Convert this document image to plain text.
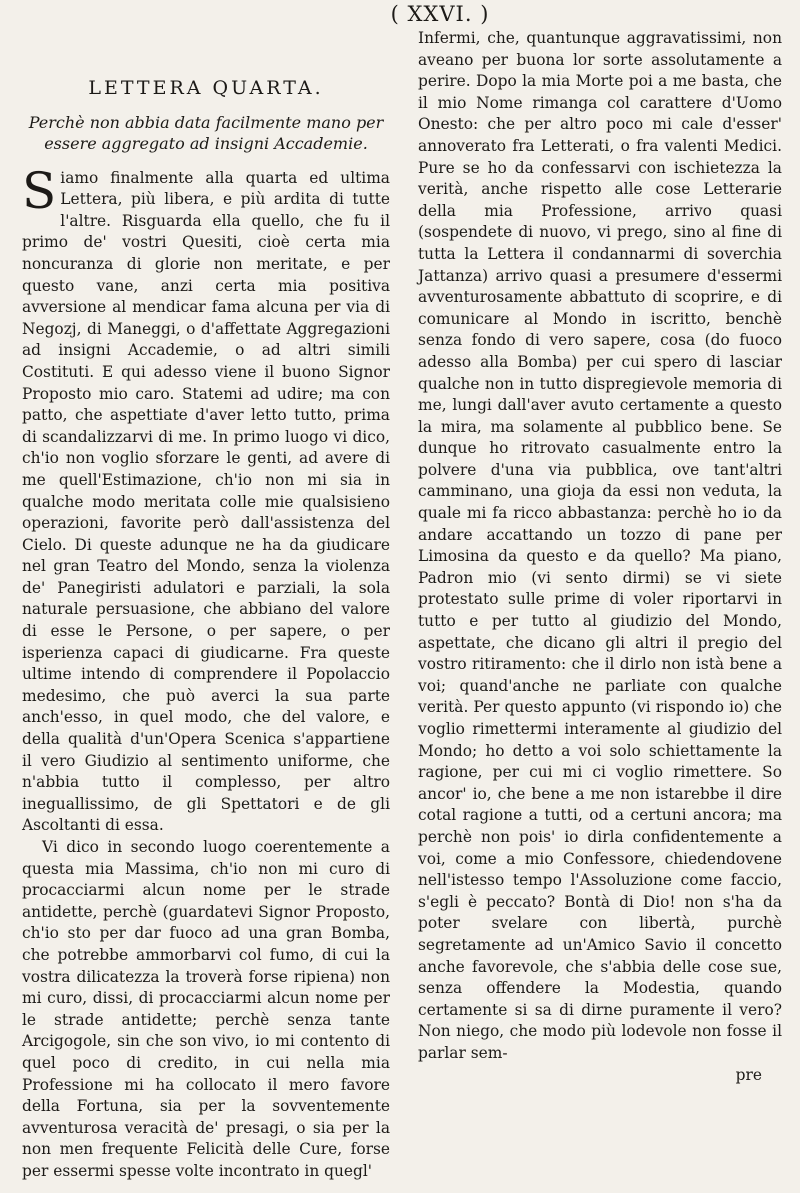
( XXVI. )
LETTERA QUARTA.

Perchè non abbia data facilmente mano per essere aggregato ad insigni Accademie.

Siamo finalmente alla quarta ed ultima Lettera, più libera, e più ardita di tutte l'altre. Risguarda ella quello, che fu il primo de' vostri Quesiti, cioè certa mia noncuranza di glorie non meritate, e per questo vane, anzi certa mia positiva avversione al mendicar fama alcuna per via di Negozj, di Maneggi, o d'affettate Aggregazioni ad insigni Accademie, o ad altri simili Costituti. E qui adesso viene il buono Signor Proposto mio caro. Statemi ad udire; ma con patto, che aspettiate d'aver letto tutto, prima di scandalizzarvi di me. In primo luogo vi dico, ch'io non voglio sforzare le genti, ad avere di me quell'Estimazione, ch'io non mi sia in qualche modo meritata colle mie qualsisieno operazioni, favorite però dall'assistenza del Cielo. Di queste adunque ne ha da giudicare nel gran Teatro del Mondo, senza la violenza de' Panegiristi adulatori e parziali, la sola naturale persuasione, che abbiano del valore di esse le Persone, o per sapere, o per isperienza capaci di giudicarne. Fra queste ultime intendo di comprendere il Popolaccio medesimo, che può averci la sua parte anch'esso, in quel modo, che del valore, e della qualità d'un'Opera Scenica s'appartiene il vero Giudizio al sentimento uniforme, che n'abbia tutto il complesso, per altro ineguallissimo, de gli Spettatori e de gli Ascoltanti di essa.

Vi dico in secondo luogo coerentemente a questa mia Massima, ch'io non mi curo di procacciarmi alcun nome per le strade antidette, perchè (guardatevi Signor Proposto, ch'io sto per dar fuoco ad una gran Bomba, che potrebbe ammorbarvi col fumo, di cui la vostra dilicatezza la troverà forse ripiena) non mi curo, dissi, di procacciarmi alcun nome per le strade antidette; perchè senza tante Arcigogole, sin che son vivo, io mi contento di quel poco di credito, in cui nella mia Professione mi ha collocato il mero favore della Fortuna, sia per la sovventemente avventurosa veracità de' presagi, o sia per la non men frequente Felicità delle Cure, forse per essermi spesse volte incontrato in quegl'

Infermi, che, quantunque aggravatissimi, non aveano per buona lor sorte assolutamente a perire. Dopo la mia Morte poi a me basta, che il mio Nome rimanga col carattere d'Uomo Onesto: che per altro poco mi cale d'esser' annoverato fra Letterati, o fra valenti Medici. Pure se ho da confessarvi con ischietezza la verità, anche rispetto alle cose Letterarie della mia Professione, arrivo quasi (sospendete di nuovo, vi prego, sino al fine di tutta la Lettera il condannarmi di soverchia Jattanza) arrivo quasi a presumere d'essermi avventurosamente abbattuto di scoprire, e di comunicare al Mondo in iscritto, benchè senza fondo di vero sapere, cosa (do fuoco adesso alla Bomba) per cui spero di lasciar qualche non in tutto dispregievole memoria di me, lungi dall'aver avuto certamente a questo la mira, ma solamente al pubblico bene. Se dunque ho ritrovato casualmente entro la polvere d'una via pubblica, ove tant'altri camminano, una gioja da essi non veduta, la quale mi fa ricco abbastanza: perchè ho io da andare accattando un tozzo di pane per Limosina da questo e da quello? Ma piano, Padron mio (vi sento dirmi) se vi siete protestato sulle prime di voler riportarvi in tutto e per tutto al giudizio del Mondo, aspettate, che dicano gli altri il pregio del vostro ritiramento: che il dirlo non istà bene a voi; quand'anche ne parliate con qualche verità. Per questo appunto (vi rispondo io) che voglio rimettermi interamente al giudizio del Mondo; ho detto a voi solo schiettamente la ragione, per cui mi ci voglio rimettere. So ancor' io, che bene a me non istarebbe il dire cotal ragione a tutti, od a certuni ancora; ma perchè non pois' io dirla confidentemente a voi, come a mio Confessore, chiedendovene nell'istesso tempo l'Assoluzione come faccio, s'egli è peccato? Bontà di Dio! non s'ha da poter svelare con libertà, purchè segretamente ad un'Amico Savio il concetto anche favorevole, che s'abbia delle cose sue, senza offendere la Modestia, quando certamente si sa di dirne puramente il vero? Non niego, che modo più lodevole non fosse il parlar sem-

pre
